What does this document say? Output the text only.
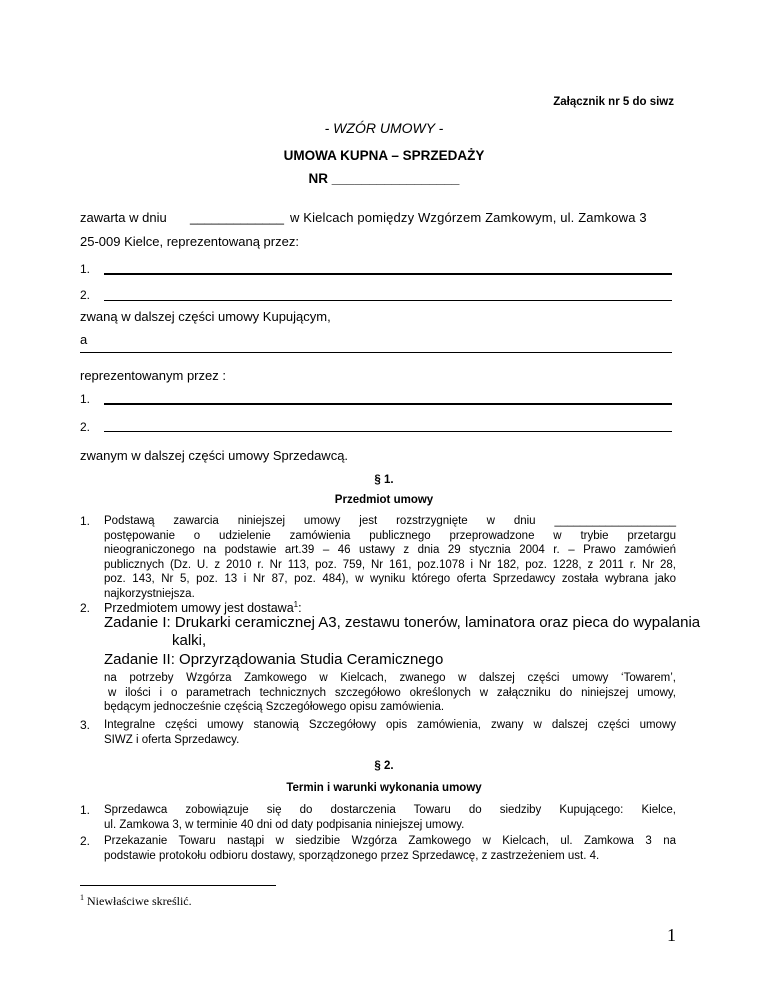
Załącznik nr 5 do siwz
- WZÓR UMOWY -
UMOWA KUPNA – SPRZEDAŻY
NR _________________
zawarta w dniu _____________ w Kielcach pomiędzy Wzgórzem Zamkowym, ul. Zamkowa 3
25-009 Kielce, reprezentowaną przez:
1.
2.
zwaną w dalszej części umowy Kupującym,
a
reprezentowanym przez :
1.
2.
zwanym w dalszej części umowy Sprzedawcą.
§ 1.
Przedmiot umowy
1. Podstawą zawarcia niniejszej umowy jest rozstrzygnięte w dniu ___________________
postępowanie o udzielenie zamówienia publicznego przeprowadzone w trybie przetargu
nieograniczonego na podstawie art.39 – 46 ustawy z dnia 29 stycznia 2004 r. – Prawo zamówień
publicznych (Dz. U. z 2010 r. Nr 113, poz. 759, Nr 161, poz.1078 i Nr 182, poz. 1228, z 2011 r. Nr 28,
poz. 143, Nr 5, poz. 13 i Nr 87, poz. 484), w wyniku którego oferta Sprzedawcy została wybrana jako
najkorzystniejsza.
2. Przedmiotem umowy jest dostawa$^1$:
Zadanie I: Drukarki ceramicznej A3, zestawu tonerów, laminatora oraz pieca do wypalania
kalki,
Zadanie II: Oprzyrządowania Studia Ceramicznego
na potrzeby Wzgórza Zamkowego w Kielcach, zwanego w dalszej części umowy ‘Towarem’,
w ilości i o parametrach technicznych szczegółowo określonych w załączniku do niniejszej umowy,
będącym jednocześnie częścią Szczegółowego opisu zamówienia.
3. Integralne części umowy stanowią Szczegółowy opis zamówienia, zwany w dalszej części umowy
SIWZ i oferta Sprzedawcy.
§ 2.
Termin i warunki wykonania umowy
1. Sprzedawca zobowiązuje się do dostarczenia Towaru do siedziby Kupującego: Kielce,
ul. Zamkowa 3, w terminie 40 dni od daty podpisania niniejszej umowy.
2. Przekazanie Towaru nastąpi w siedzibie Wzgórza Zamkowego w Kielcach, ul. Zamkowa 3 na
podstawie protokołu odbioru dostawy, sporządzonego przez Sprzedawcę, z zastrzeżeniem ust. 4.
$^1$ Niewłaściwe skreślić.
1
